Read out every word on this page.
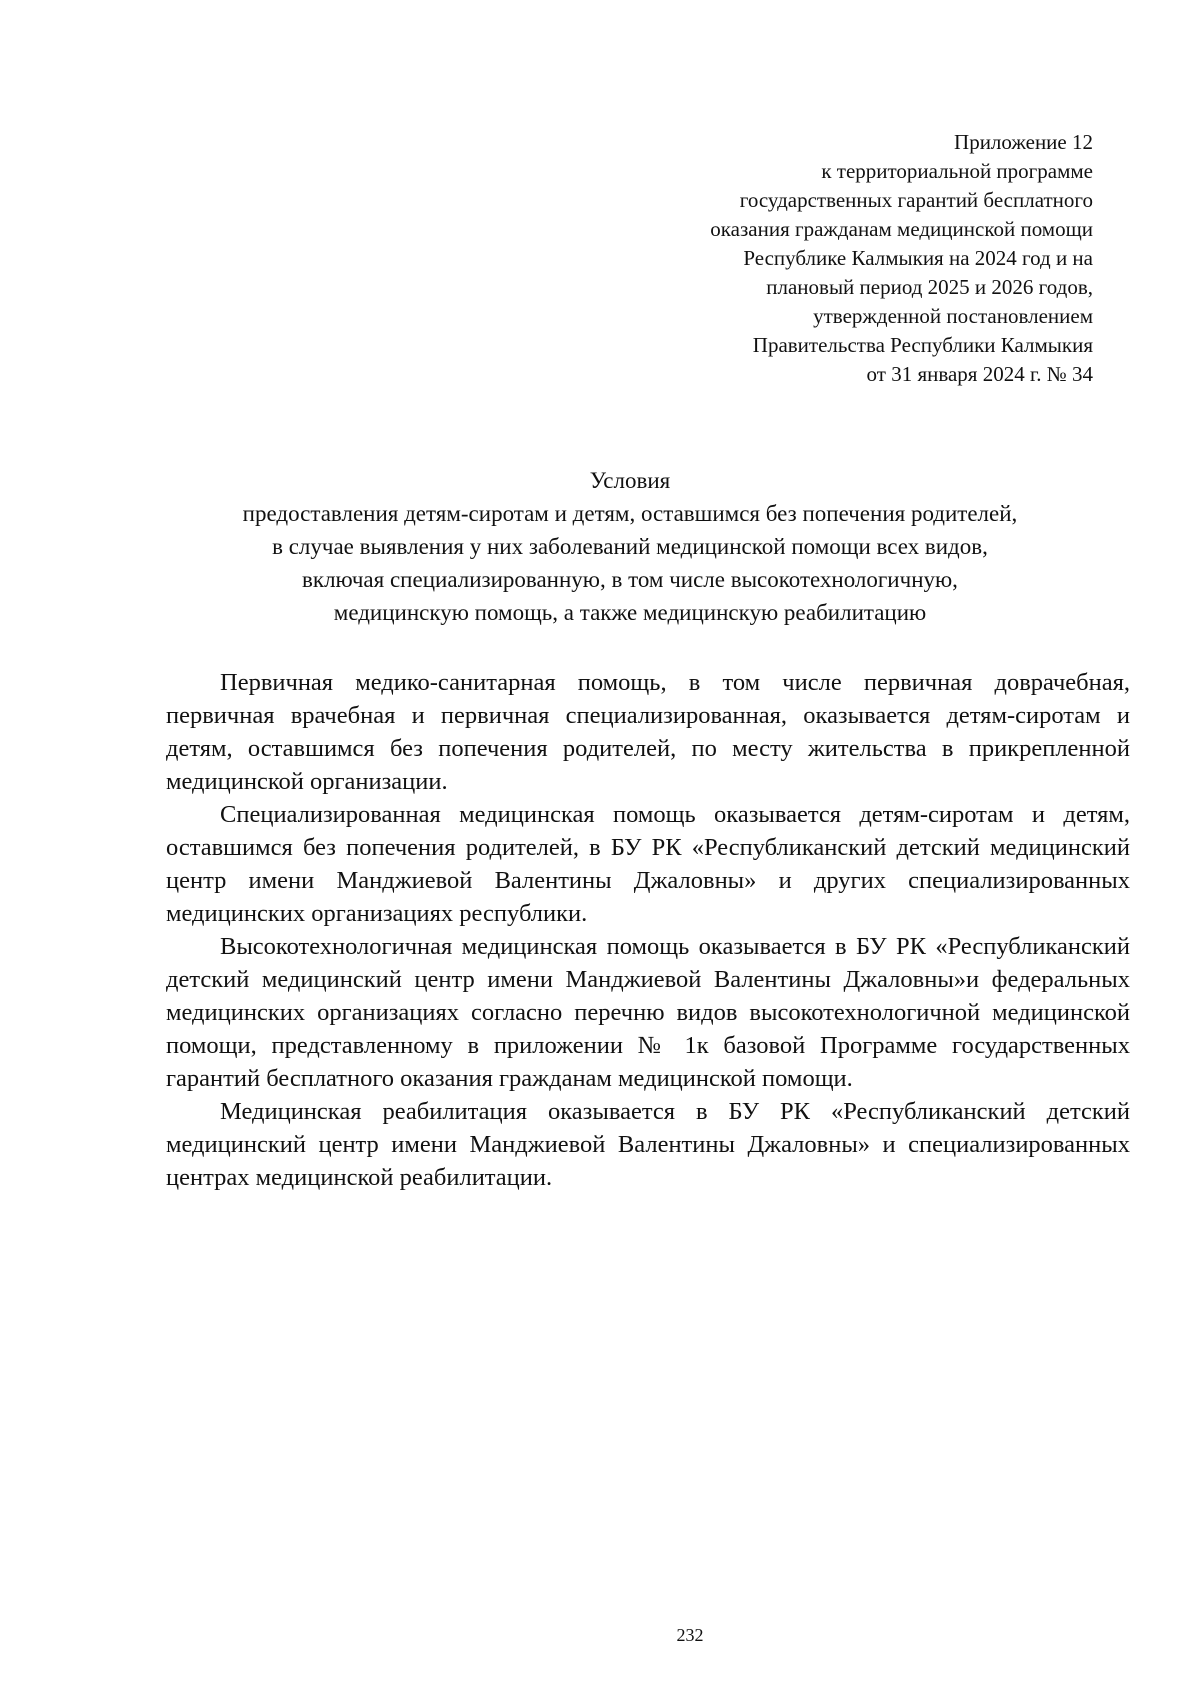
Приложение 12
к территориальной программе
государственных гарантий бесплатного
оказания гражданам медицинской помощи
Республике Калмыкия на 2024 год и на
плановый период 2025 и 2026 годов,
утвержденной постановлением
Правительства Республики Калмыкия
от 31 января 2024 г. № 34
Условия
предоставления детям-сиротам и детям, оставшимся без попечения родителей,
в случае выявления у них заболеваний медицинской помощи всех видов,
включая специализированную, в том числе высокотехнологичную,
медицинскую помощь, а также медицинскую реабилитацию

Первичная медико-санитарная помощь, в том числе первичная доврачебная, первичная врачебная и первичная специализированная, оказывается детям-сиротам и детям, оставшимся без попечения родителей, по месту жительства в прикрепленной медицинской организации.

Специализированная медицинская помощь оказывается детям-сиротам и детям, оставшимся без попечения родителей, в БУ РК «Республиканский детский медицинский центр имени Манджиевой Валентины Джаловны» и других специализированных медицинских организациях республики.

Высокотехнологичная медицинская помощь оказывается в БУ РК «Республиканский детский медицинский центр имени Манджиевой Валентины Джаловны»и федеральных медицинских организациях согласно перечню видов высокотехнологичной медицинской помощи, представленному в приложении № 1к базовой Программе государственных гарантий бесплатного оказания гражданам медицинской помощи.

Медицинская реабилитация оказывается в БУ РК «Республиканский детский медицинский центр имени Манджиевой Валентины Джаловны» и специализированных центрах медицинской реабилитации.

232
